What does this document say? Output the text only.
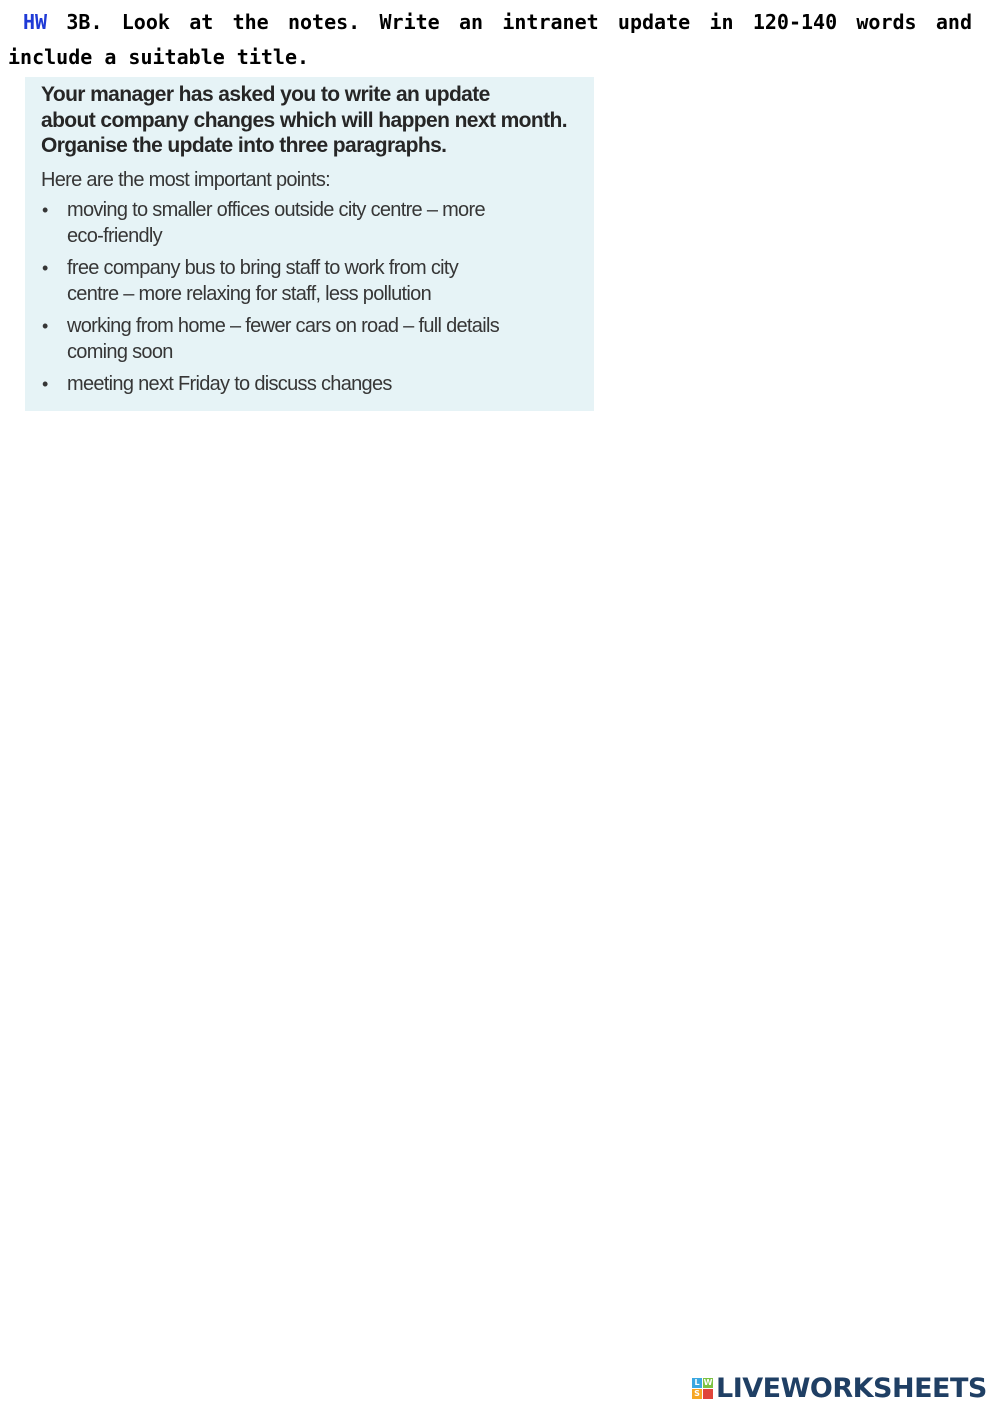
HW 3B. Look at the notes. Write an intranet update in 120-140 words and include a suitable title.

Your manager has asked you to write an update
about company changes which will happen next month.
Organise the update into three paragraphs.

Here are the most important points:

• moving to smaller offices outside city centre – more
eco-friendly
• free company bus to bring staff to work from city
centre – more relaxing for staff, less pollution
• working from home – fewer cars on road – full details
coming soon
• meeting next Friday to discuss changes
L W
S LIVEWORKSHEETS
